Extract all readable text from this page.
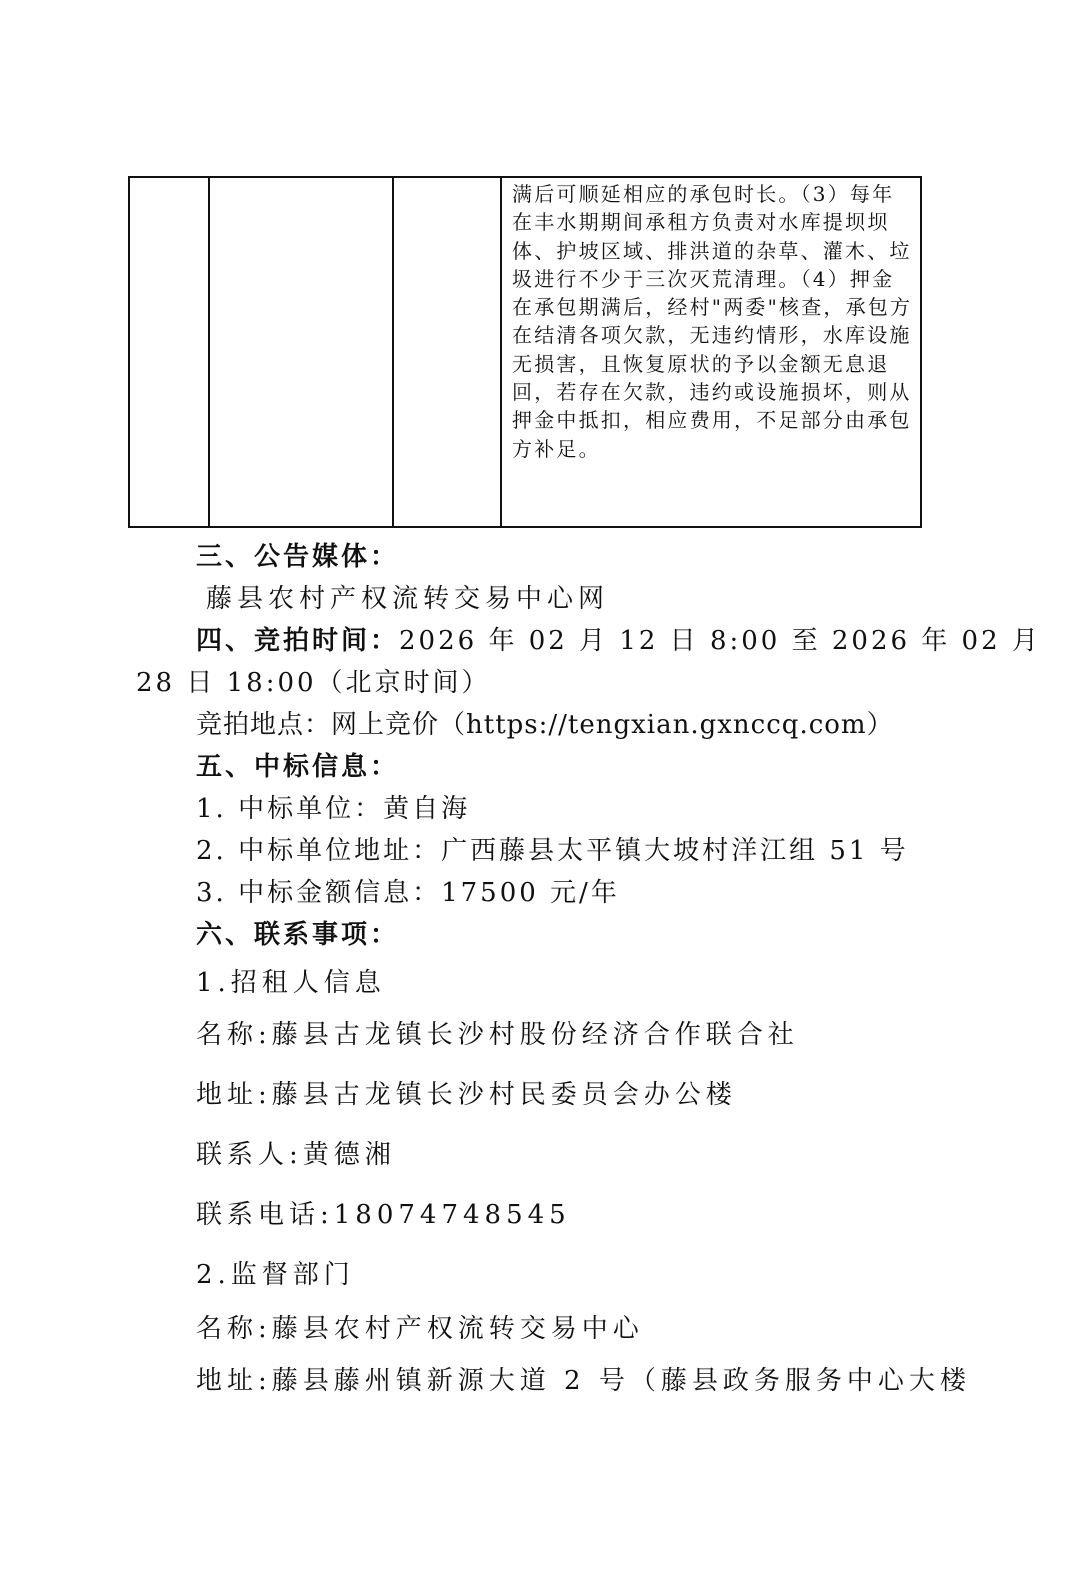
满后可顺延相应的承包时长。（3）每年在丰水期期间承租方负责对水库提坝坝体、护坡区域、排洪道的杂草、灌木、垃圾进行不少于三次灭荒清理。（4）押金在承包期满后，经村"两委"核查，承包方在结清各项欠款，无违约情形，水库设施无损害，且恢复原状的予以金额无息退回，若存在欠款，违约或设施损坏，则从押金中抵扣，相应费用，不足部分由承包方补足。
三、公告媒体：
藤县农村产权流转交易中心网
四、竞拍时间：2026 年 02 月 12 日 8:00 至 2026 年 02 月
28 日 18:00（北京时间）
竞拍地点：网上竞价（https://tengxian.gxnccq.com）
五、中标信息：
1. 中标单位：黄自海
2. 中标单位地址：广西藤县太平镇大坡村洋江组 51 号
3. 中标金额信息：17500 元/年
六、联系事项：
1.招租人信息
名称:藤县古龙镇长沙村股份经济合作联合社
地址:藤县古龙镇长沙村民委员会办公楼
联系人:黄德湘
联系电话:18074748545
2.监督部门
名称:藤县农村产权流转交易中心
地址:藤县藤州镇新源大道 2 号（藤县政务服务中心大楼
